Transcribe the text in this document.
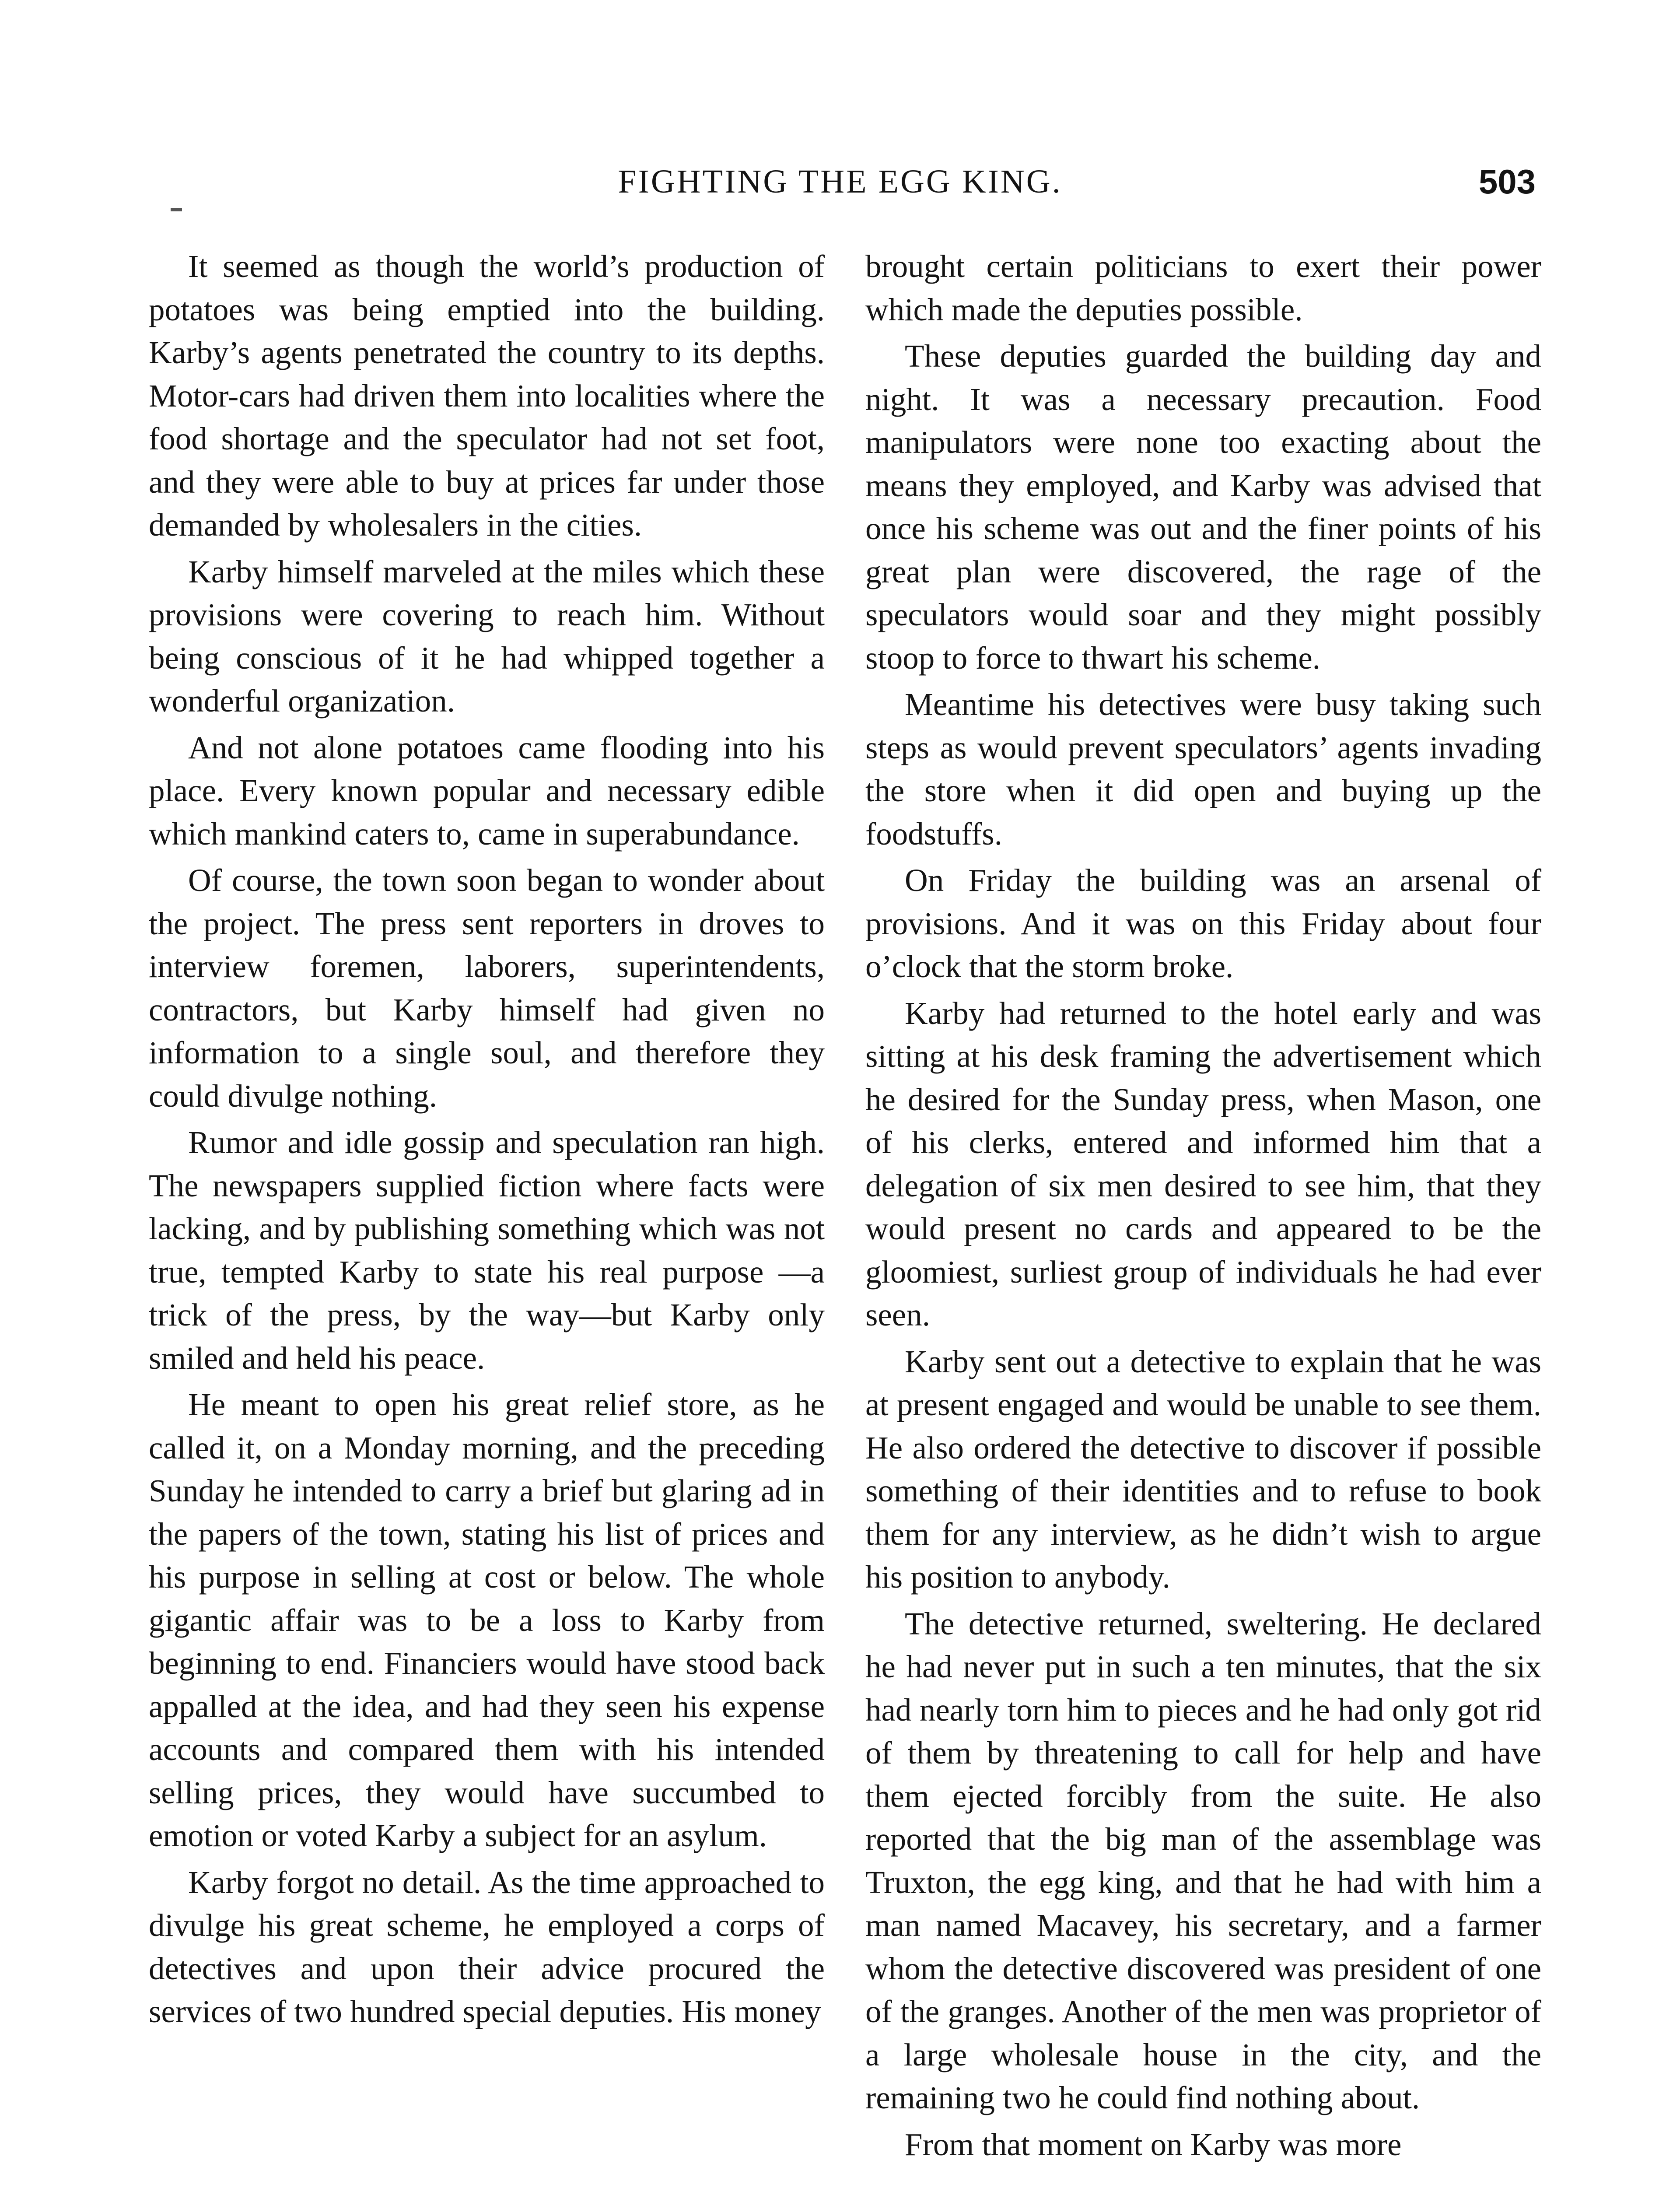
FIGHTING THE EGG KING.	503

It seemed as though the world’s production of potatoes was being emptied into the building. Karby’s agents penetrated the country to its depths. Motor-cars had driven them into localities where the food shortage and the speculator had not set foot, and they were able to buy at prices far under those demanded by wholesalers in the cities.

Karby himself marveled at the miles which these provisions were covering to reach him. Without being conscious of it he had whipped together a wonderful organization.

And not alone potatoes came flooding into his place. Every known popular and necessary edible which mankind caters to, came in superabundance.

Of course, the town soon began to wonder about the project. The press sent reporters in droves to interview foremen, laborers, superintendents, contractors, but Karby himself had given no information to a single soul, and therefore they could divulge nothing.

Rumor and idle gossip and speculation ran high. The newspapers supplied fiction where facts were lacking, and by publishing something which was not true, tempted Karby to state his real purpose —a trick of the press, by the way—but Karby only smiled and held his peace.

He meant to open his great relief store, as he called it, on a Monday morning, and the preceding Sunday he intended to carry a brief but glaring ad in the papers of the town, stating his list of prices and his purpose in selling at cost or below. The whole gigantic affair was to be a loss to Karby from beginning to end. Financiers would have stood back appalled at the idea, and had they seen his expense accounts and compared them with his intended selling prices, they would have succumbed to emotion or voted Karby a subject for an asylum.

Karby forgot no detail. As the time approached to divulge his great scheme, he employed a corps of detectives and upon their advice procured the services of two hundred special deputies. His money

brought certain politicians to exert their power which made the deputies possible.

These deputies guarded the building day and night. It was a necessary precaution. Food manipulators were none too exacting about the means they employed, and Karby was advised that once his scheme was out and the finer points of his great plan were discovered, the rage of the speculators would soar and they might possibly stoop to force to thwart his scheme.

Meantime his detectives were busy taking such steps as would prevent speculators’ agents invading the store when it did open and buying up the foodstuffs.

On Friday the building was an arsenal of provisions. And it was on this Friday about four o’clock that the storm broke.

Karby had returned to the hotel early and was sitting at his desk framing the advertisement which he desired for the Sunday press, when Mason, one of his clerks, entered and informed him that a delegation of six men desired to see him, that they would present no cards and appeared to be the gloomiest, surliest group of individuals he had ever seen.

Karby sent out a detective to explain that he was at present engaged and would be unable to see them. He also ordered the detective to discover if possible something of their identities and to refuse to book them for any interview, as he didn’t wish to argue his position to anybody.

The detective returned, sweltering. He declared he had never put in such a ten minutes, that the six had nearly torn him to pieces and he had only got rid of them by threatening to call for help and have them ejected forcibly from the suite. He also reported that the big man of the assemblage was Truxton, the egg king, and that he had with him a man named Macavey, his secretary, and a farmer whom the detective discovered was president of one of the granges. Another of the men was proprietor of a large wholesale house in the city, and the remaining two he could find nothing about.

From that moment on Karby was more
